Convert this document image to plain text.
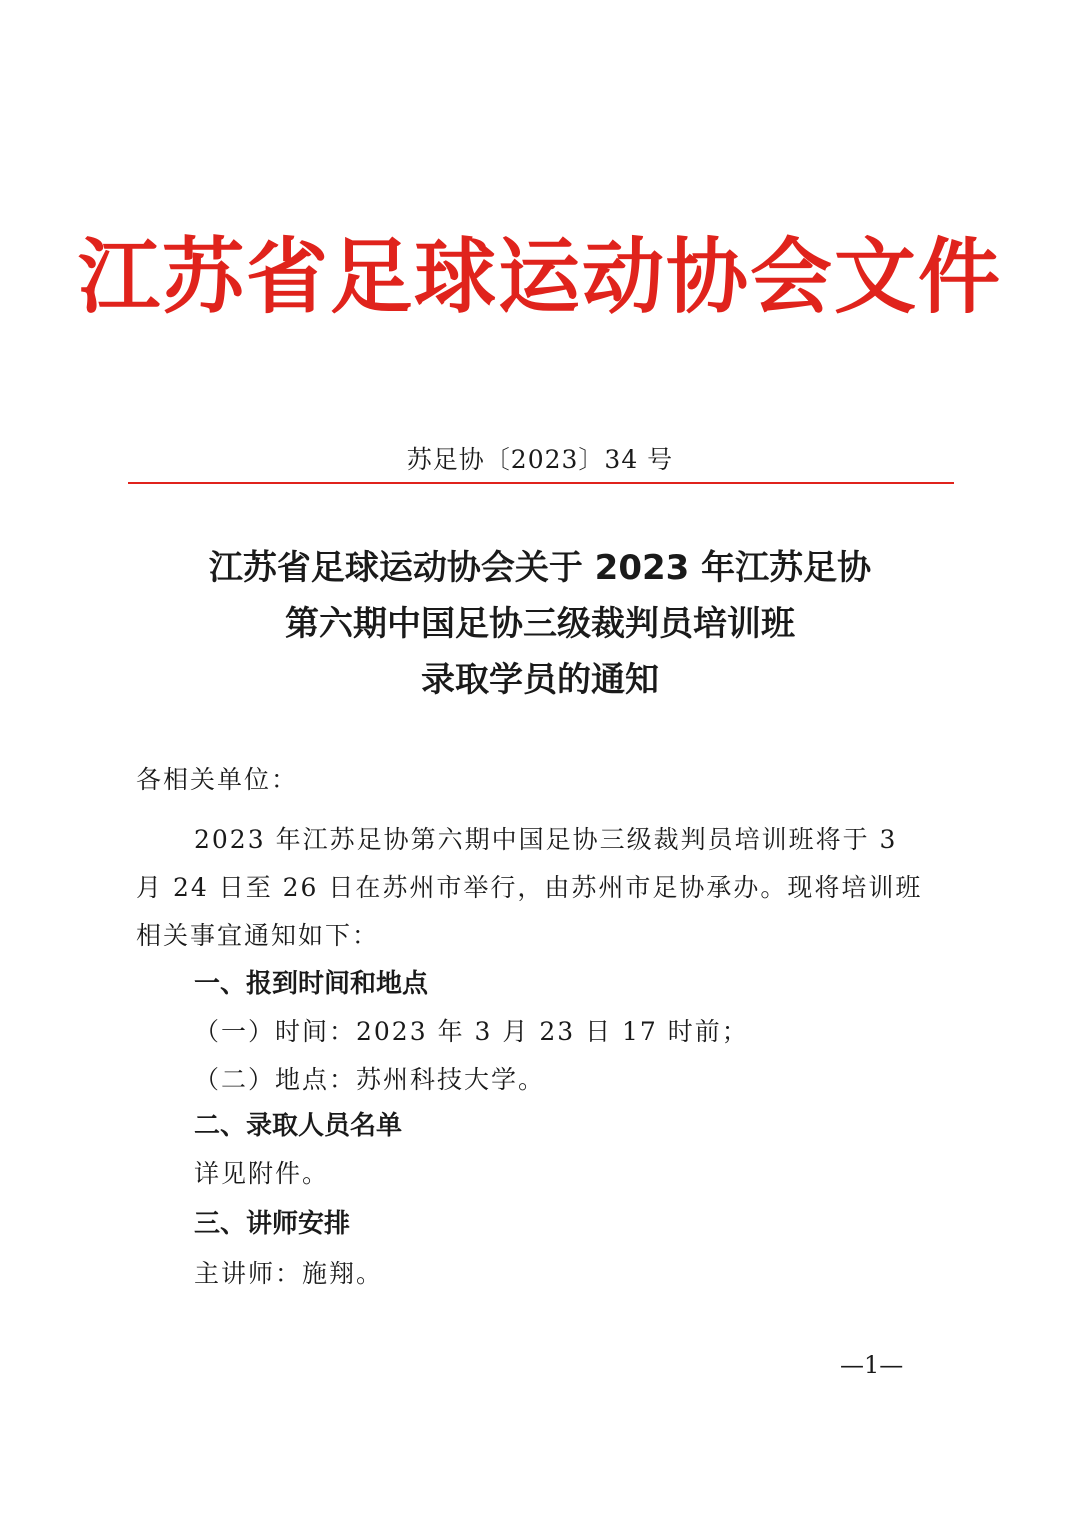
江苏省足球运动协会文件
苏足协〔2023〕34 号
江苏省足球运动协会关于 2023 年江苏足协
第六期中国足协三级裁判员培训班
录取学员的通知
各相关单位：
2023 年江苏足协第六期中国足协三级裁判员培训班将于 3
月 24 日至 26 日在苏州市举行，由苏州市足协承办。现将培训班
相关事宜通知如下：
一、报到时间和地点
（一）时间：2023 年 3 月 23 日 17 时前；
（二）地点：苏州科技大学。
二、录取人员名单
详见附件。
三、讲师安排
主讲师：施翔。
—1—
